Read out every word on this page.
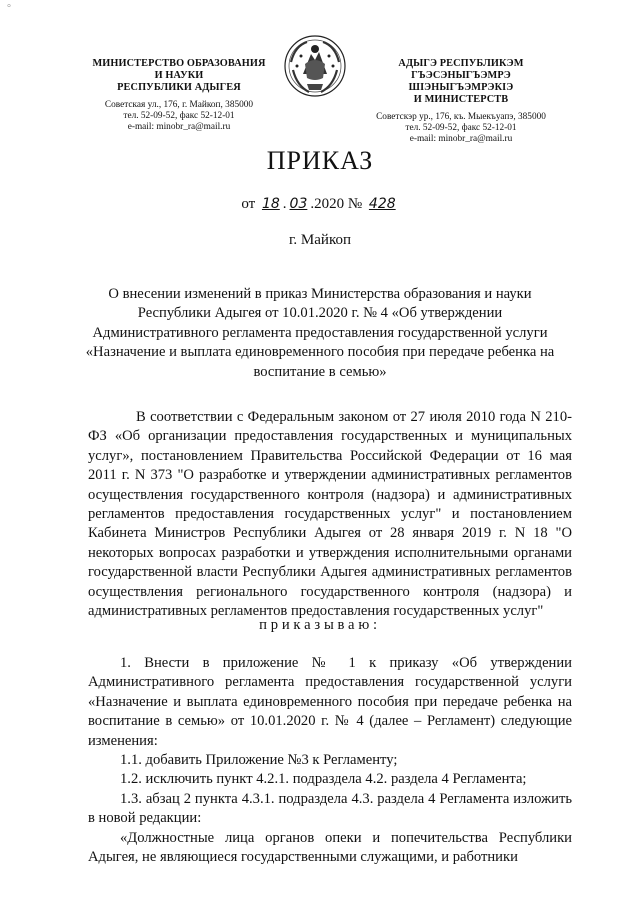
°
МИНИСТЕРСТВО ОБРАЗОВАНИЯ
И НАУКИ
РЕСПУБЛИКИ АДЫГЕЯ
Советская ул., 176, г. Майкоп, 385000
тел. 52-09-52, факс 52-12-01
e-mail: minobr_ra@mail.ru
АДЫГЭ РЕСПУБЛИКЭМ
ГЪЭСЭНЫГЪЭМРЭ ШIЭНЫГЪЭМРЭКIЭ
И МИНИСТЕРСТВ
Советскэр ур., 176, къ. Мыекъуапэ, 385000
тел. 52-09-52, факс 52-12-01
e-mail: minobr_ra@mail.ru
ПРИКАЗ
от 18 . 03 .2020 № 428
г. Майкоп
О внесении изменений в приказ Министерства образования и науки Республики Адыгея от 10.01.2020 г. № 4 «Об утверждении Административного регламента предоставления государственной услуги «Назначение и выплата единовременного пособия при передаче ребенка на воспитание в семью»

В соответствии с Федеральным законом от 27 июля 2010 года N 210-ФЗ «Об организации предоставления государственных и муниципальных услуг», постановлением Правительства Российской Федерации от 16 мая 2011 г. N 373 "О разработке и утверждении административных регламентов осуществления государственного контроля (надзора) и административных регламентов предоставления государственных услуг" и постановлением Кабинета Министров Республики Адыгея от 28 января 2019 г. N 18 "О некоторых вопросах разработки и утверждения исполнительными органами государственной власти Республики Адыгея административных регламентов осуществления регионального государственного контроля (надзора) и административных регламентов предоставления государственных услуг"

приказываю:

1. Внести в приложение № 1 к приказу «Об утверждении Административного регламента предоставления государственной услуги «Назначение и выплата единовременного пособия при передаче ребенка на воспитание в семью» от 10.01.2020 г. № 4 (далее – Регламент) следующие изменения:

1.1. добавить Приложение №3 к Регламенту;

1.2. исключить пункт 4.2.1. подраздела 4.2. раздела 4 Регламента;

1.3. абзац 2 пункта 4.3.1. подраздела 4.3. раздела 4 Регламента изложить в новой редакции:

«Должностные лица органов опеки и попечительства Республики Адыгея, не являющиеся государственными служащими, и работники
